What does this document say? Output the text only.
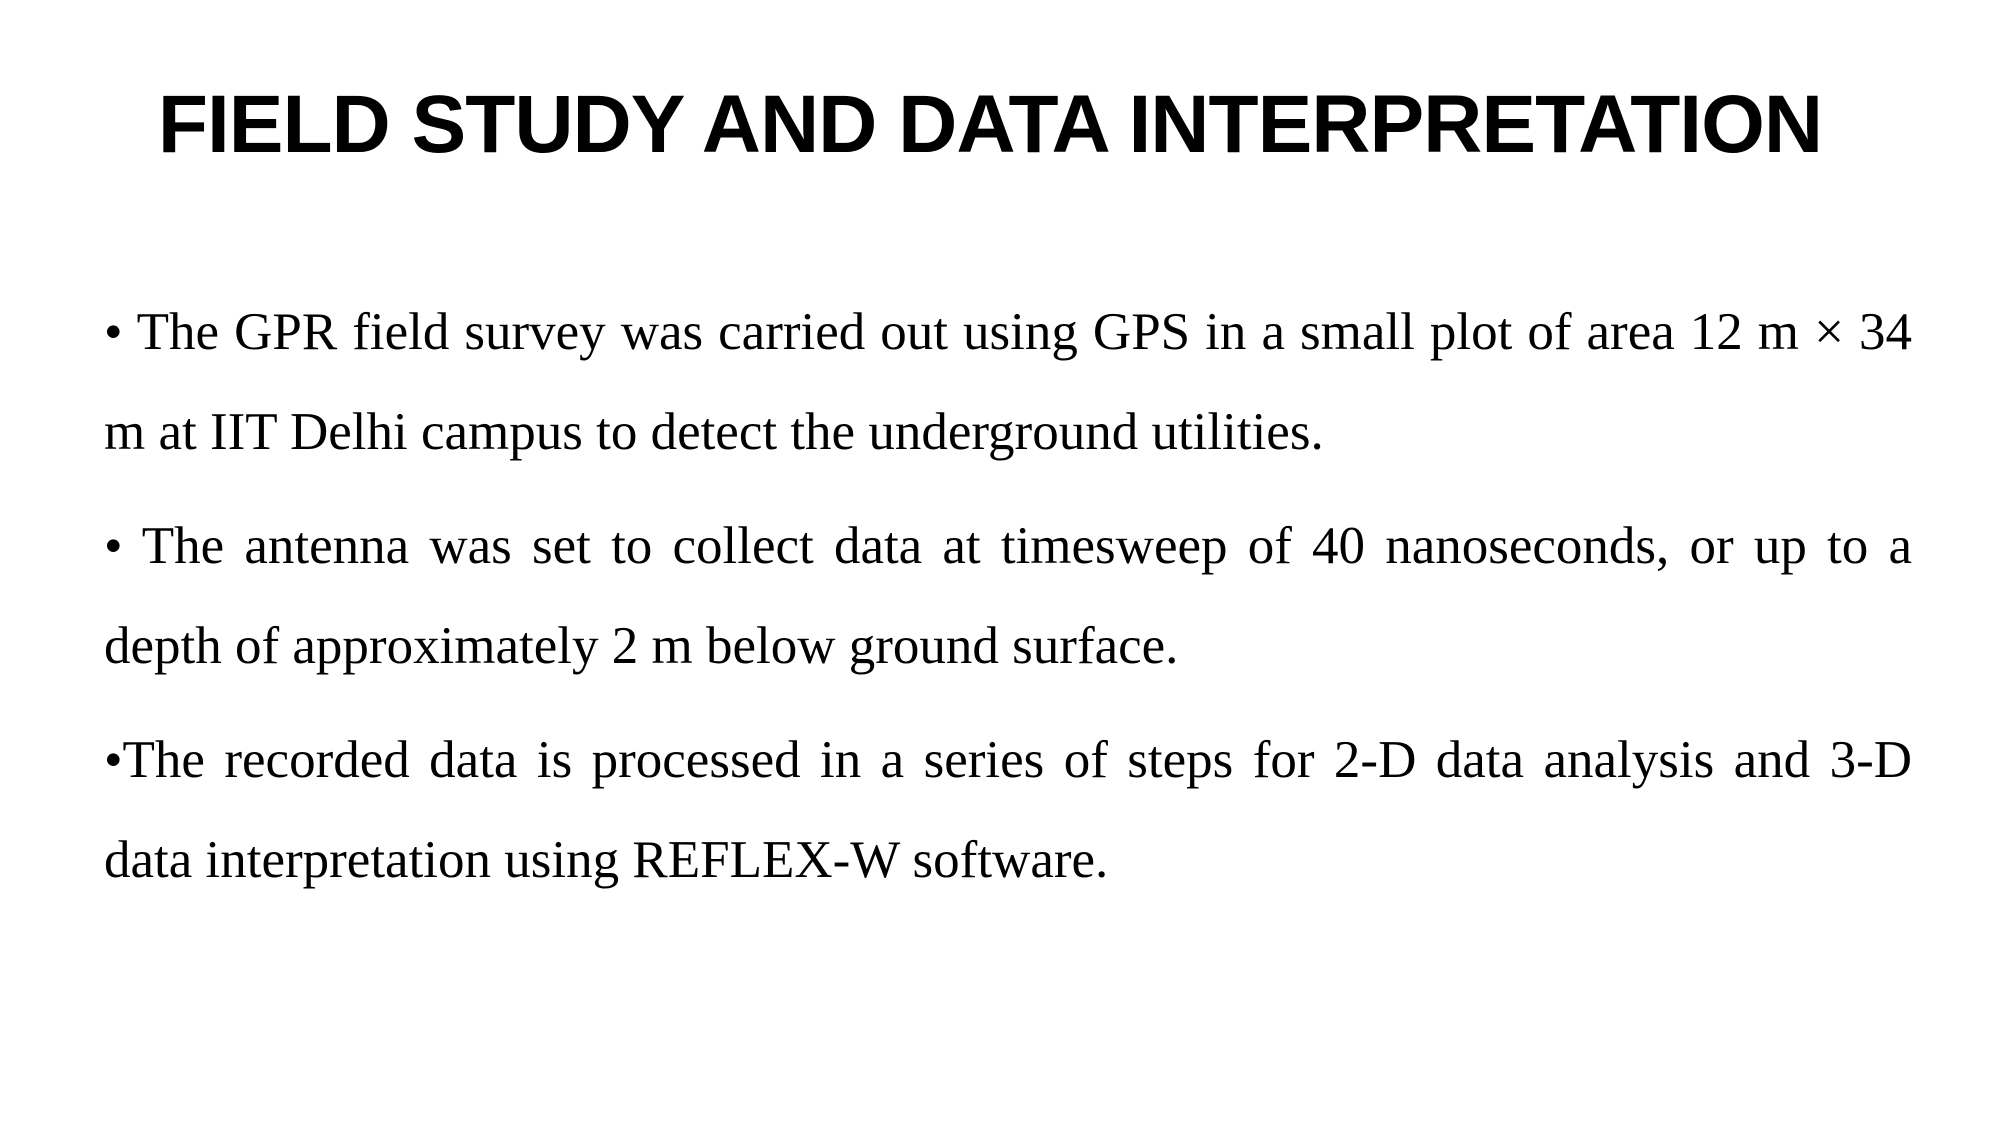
FIELD STUDY AND DATA INTERPRETATION
• The GPR field survey was carried out using GPS in a small plot of area 12 m × 34 m at IIT Delhi campus to detect the underground utilities.
• The antenna was set to collect data at timesweep of 40 nanoseconds, or up to a depth of approximately 2 m below ground surface.
•The recorded data is processed in a series of steps for 2-D data analysis and 3-D data interpretation using REFLEX-W software.
